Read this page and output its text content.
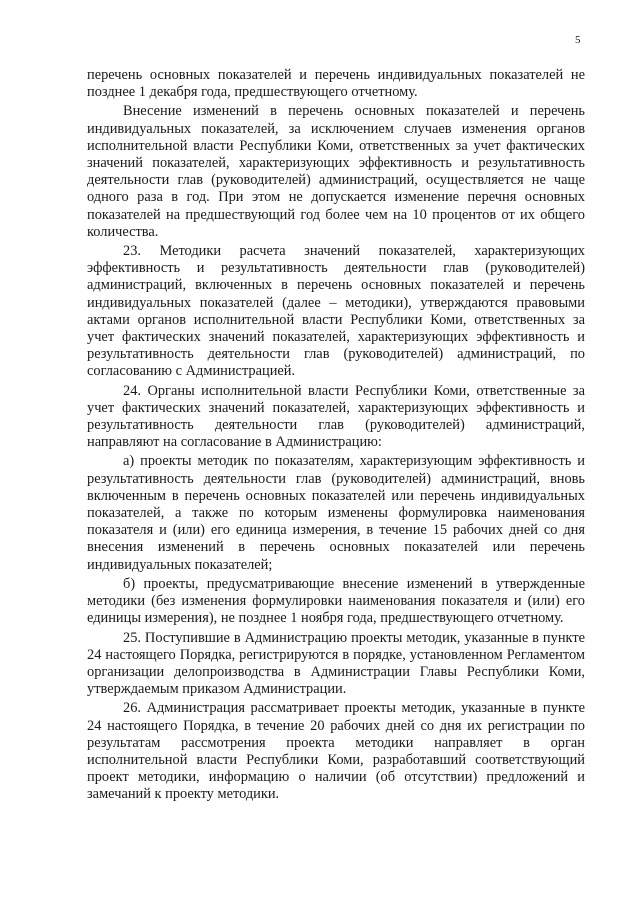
5

перечень основных показателей и перечень индивидуальных показателей не позднее 1 декабря года, предшествующего отчетному.

Внесение изменений в перечень основных показателей и перечень индивидуальных показателей, за исключением случаев изменения органов исполнительной власти Республики Коми, ответственных за учет фактических значений показателей, характеризующих эффективность и результативность деятельности глав (руководителей) администраций, осуществляется не чаще одного раза в год. При этом не допускается изменение перечня основных показателей на предшествующий год более чем на 10 процентов от их общего количества.

23. Методики расчета значений показателей, характеризующих эффективность и результативность деятельности глав (руководителей) администраций, включенных в перечень основных показателей и перечень индивидуальных показателей (далее – методики), утверждаются правовыми актами органов исполнительной власти Республики Коми, ответственных за учет фактических значений показателей, характеризующих эффективность и результативность деятельности глав (руководителей) администраций, по согласованию с Администрацией.

24. Органы исполнительной власти Республики Коми, ответственные за учет фактических значений показателей, характеризующих эффективность и результативность деятельности глав (руководителей) администраций, направляют на согласование в Администрацию:

а) проекты методик по показателям, характеризующим эффективность и результативность деятельности глав (руководителей) администраций, вновь включенным в перечень основных показателей или перечень индивидуальных показателей, а также по которым изменены формулировка наименования показателя и (или) его единица измерения, в течение 15 рабочих дней со дня внесения изменений в перечень основных показателей или перечень индивидуальных показателей;

б) проекты, предусматривающие внесение изменений в утвержденные методики (без изменения формулировки наименования показателя и (или) его единицы измерения), не позднее 1 ноября года, предшествующего отчетному.

25. Поступившие в Администрацию проекты методик, указанные в пункте 24 настоящего Порядка, регистрируются в порядке, установленном Регламентом организации делопроизводства в Администрации Главы Республики Коми, утверждаемым приказом Администрации.

26. Администрация рассматривает проекты методик, указанные в пункте 24 настоящего Порядка, в течение 20 рабочих дней со дня их регистрации по результатам рассмотрения проекта методики направляет в орган исполнительной власти Республики Коми, разработавший соответствующий проект методики, информацию о наличии (об отсутствии) предложений и замечаний к проекту методики.
